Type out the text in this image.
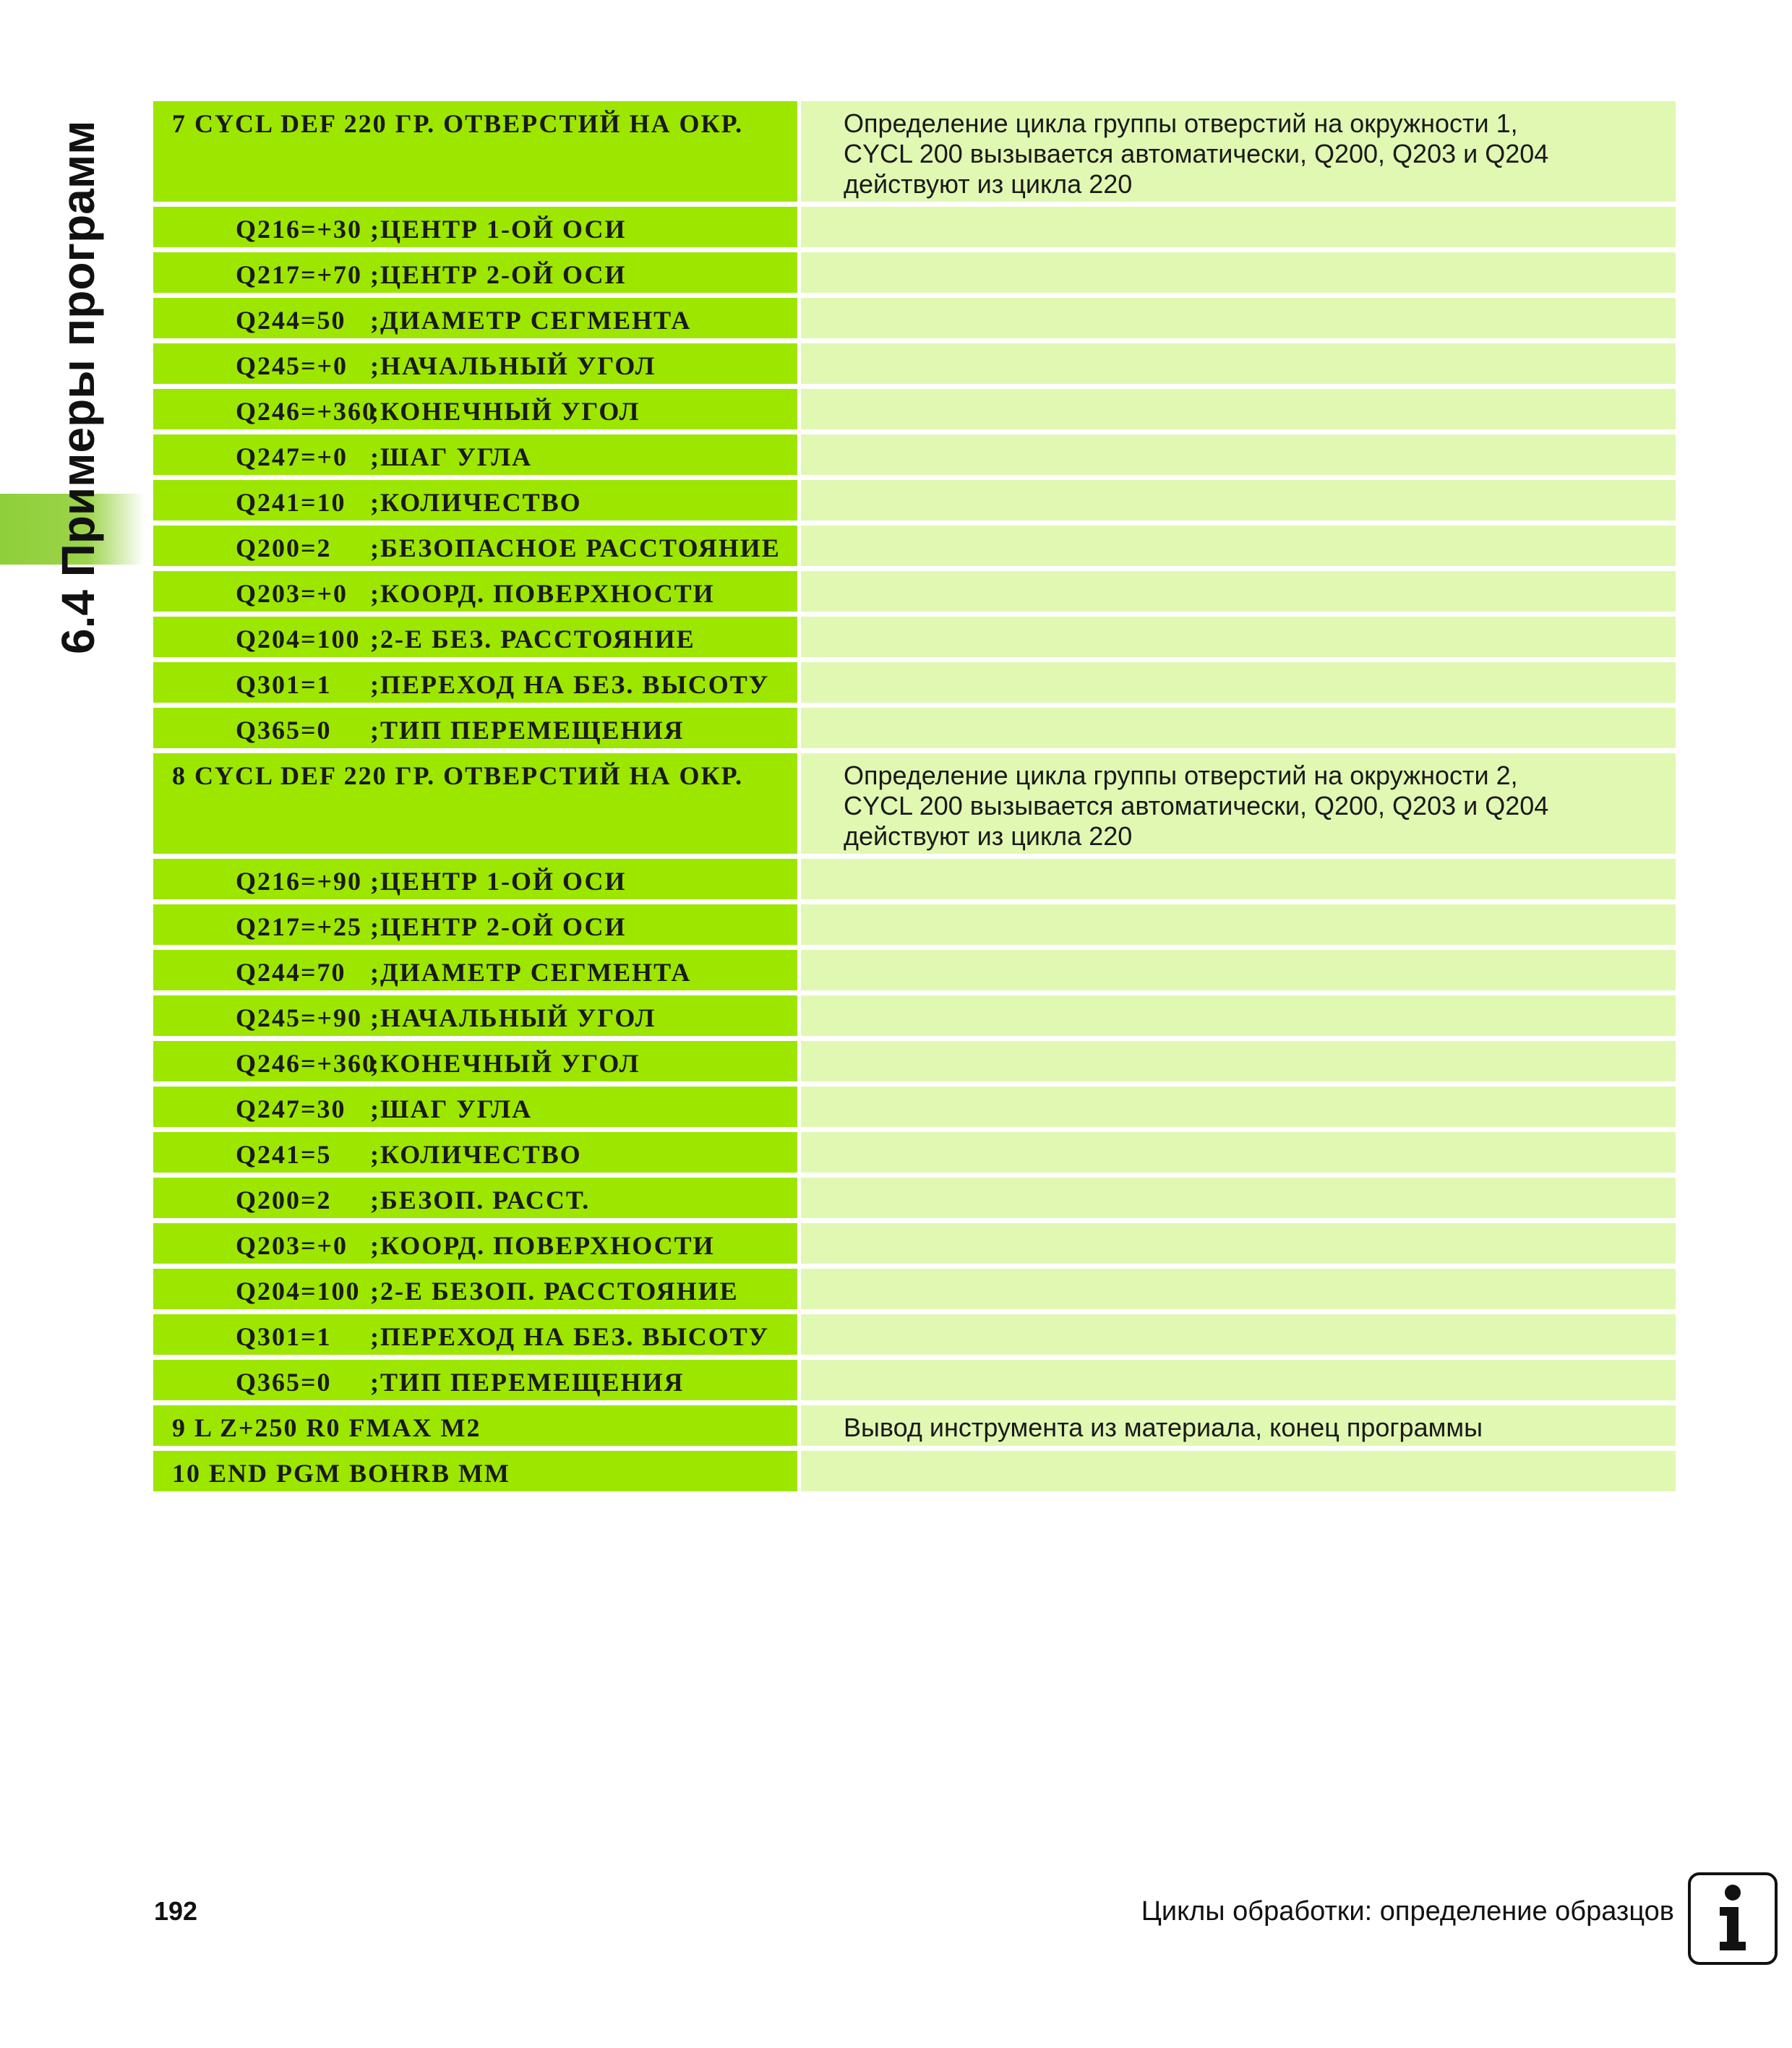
6.4 Примеры программ	7 CYCL DEF 220 ГР. ОТВЕРСТИЙ НА ОКР.	Определение цикла группы отверстий на окружности 1,
CYCL 200 вызывается автоматически, Q200, Q203 и Q204
действуют из цикла 220
Q216=+30 ;ЦЕНТР 1-ОЙ ОСИ
Q217=+70 ;ЦЕНТР 2-ОЙ ОСИ
Q244=50 ;ДИАМЕТР СЕГМЕНТА
Q245=+0 ;НАЧАЛЬНЫЙ УГОЛ
Q246=+360;КОНЕЧНЫЙ УГОЛ
Q247=+0 ;ШАГ УГЛА
Q241=10 ;КОЛИЧЕСТВО
Q200=2 ;БЕЗОПАСНОЕ РАССТОЯНИЕ
Q203=+0 ;КООРД. ПОВЕРХНОСТИ
Q204=100 ;2-Е БЕЗ. РАССТОЯНИЕ
Q301=1 ;ПЕРЕХОД НА БЕЗ. ВЫСОТУ
Q365=0 ;ТИП ПЕРЕМЕЩЕНИЯ
8 CYCL DEF 220 ГР. ОТВЕРСТИЙ НА ОКР.	Определение цикла группы отверстий на окружности 2,
CYCL 200 вызывается автоматически, Q200, Q203 и Q204
действуют из цикла 220
Q216=+90 ;ЦЕНТР 1-ОЙ ОСИ
Q217=+25 ;ЦЕНТР 2-ОЙ ОСИ
Q244=70 ;ДИАМЕТР СЕГМЕНТА
Q245=+90 ;НАЧАЛЬНЫЙ УГОЛ
Q246=+360;КОНЕЧНЫЙ УГОЛ
Q247=30 ;ШАГ УГЛА
Q241=5 ;КОЛИЧЕСТВО
Q200=2 ;БЕЗОП. РАССТ.
Q203=+0 ;КООРД. ПОВЕРХНОСТИ
Q204=100 ;2-Е БЕЗОП. РАССТОЯНИЕ
Q301=1 ;ПЕРЕХОД НА БЕЗ. ВЫСОТУ
Q365=0 ;ТИП ПЕРЕМЕЩЕНИЯ
9 L Z+250 R0 FMAX M2	Вывод инструмента из материала, конец программы
10 END PGM BOHRB MM
192	Циклы обработки: определение образцов
